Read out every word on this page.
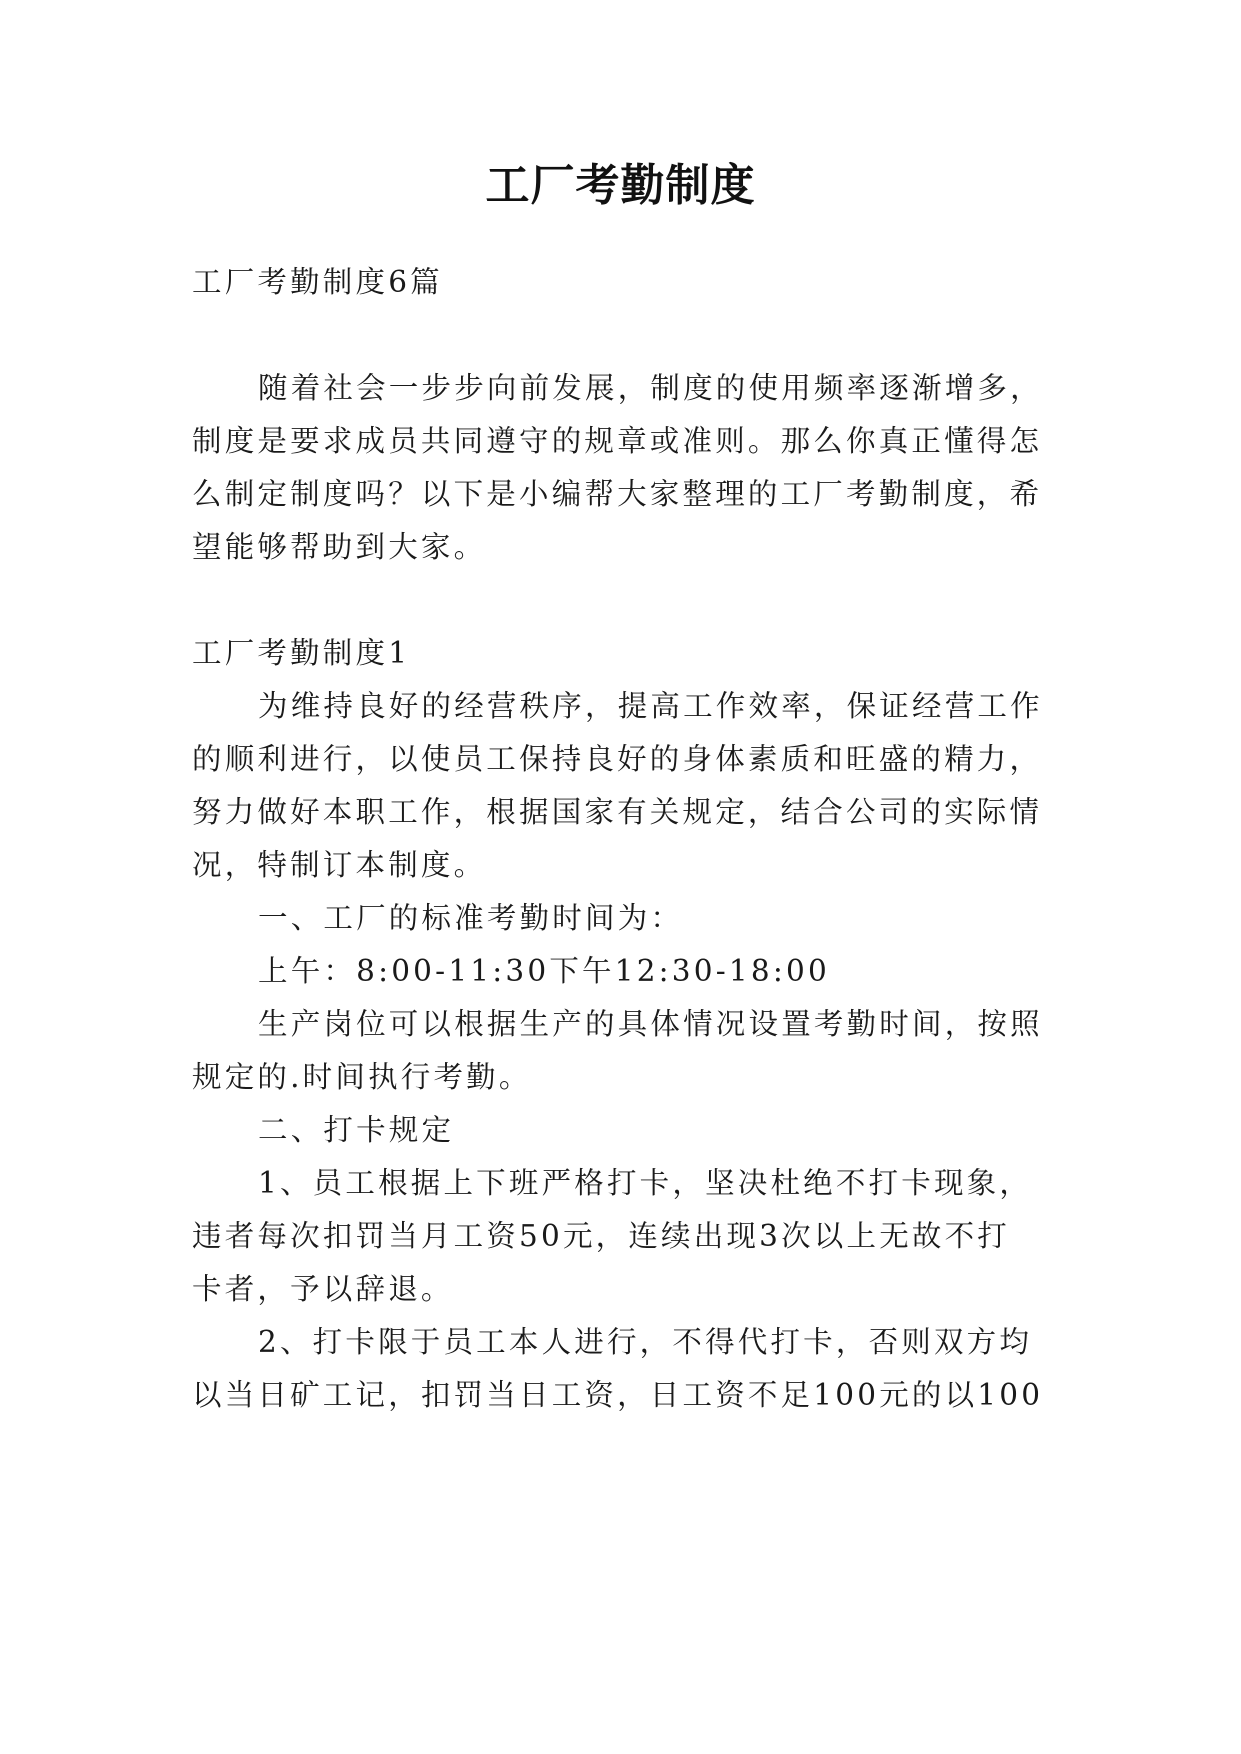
工厂考勤制度
工厂考勤制度6篇
随着社会一步步向前发展，制度的使用频率逐渐增多，
制度是要求成员共同遵守的规章或准则。那么你真正懂得怎
么制定制度吗？以下是小编帮大家整理的工厂考勤制度，希
望能够帮助到大家。
工厂考勤制度1
为维持良好的经营秩序，提高工作效率，保证经营工作
的顺利进行，以使员工保持良好的身体素质和旺盛的精力，
努力做好本职工作，根据国家有关规定，结合公司的实际情
况，特制订本制度。
一、工厂的标准考勤时间为：
上午：8:00-11:30下午12:30-18:00
生产岗位可以根据生产的具体情况设置考勤时间，按照
规定的.时间执行考勤。
二、打卡规定
1、员工根据上下班严格打卡，坚决杜绝不打卡现象，
违者每次扣罚当月工资50元，连续出现3次以上无故不打
卡者，予以辞退。
2、打卡限于员工本人进行，不得代打卡，否则双方均
以当日矿工记，扣罚当日工资，日工资不足100元的以100
